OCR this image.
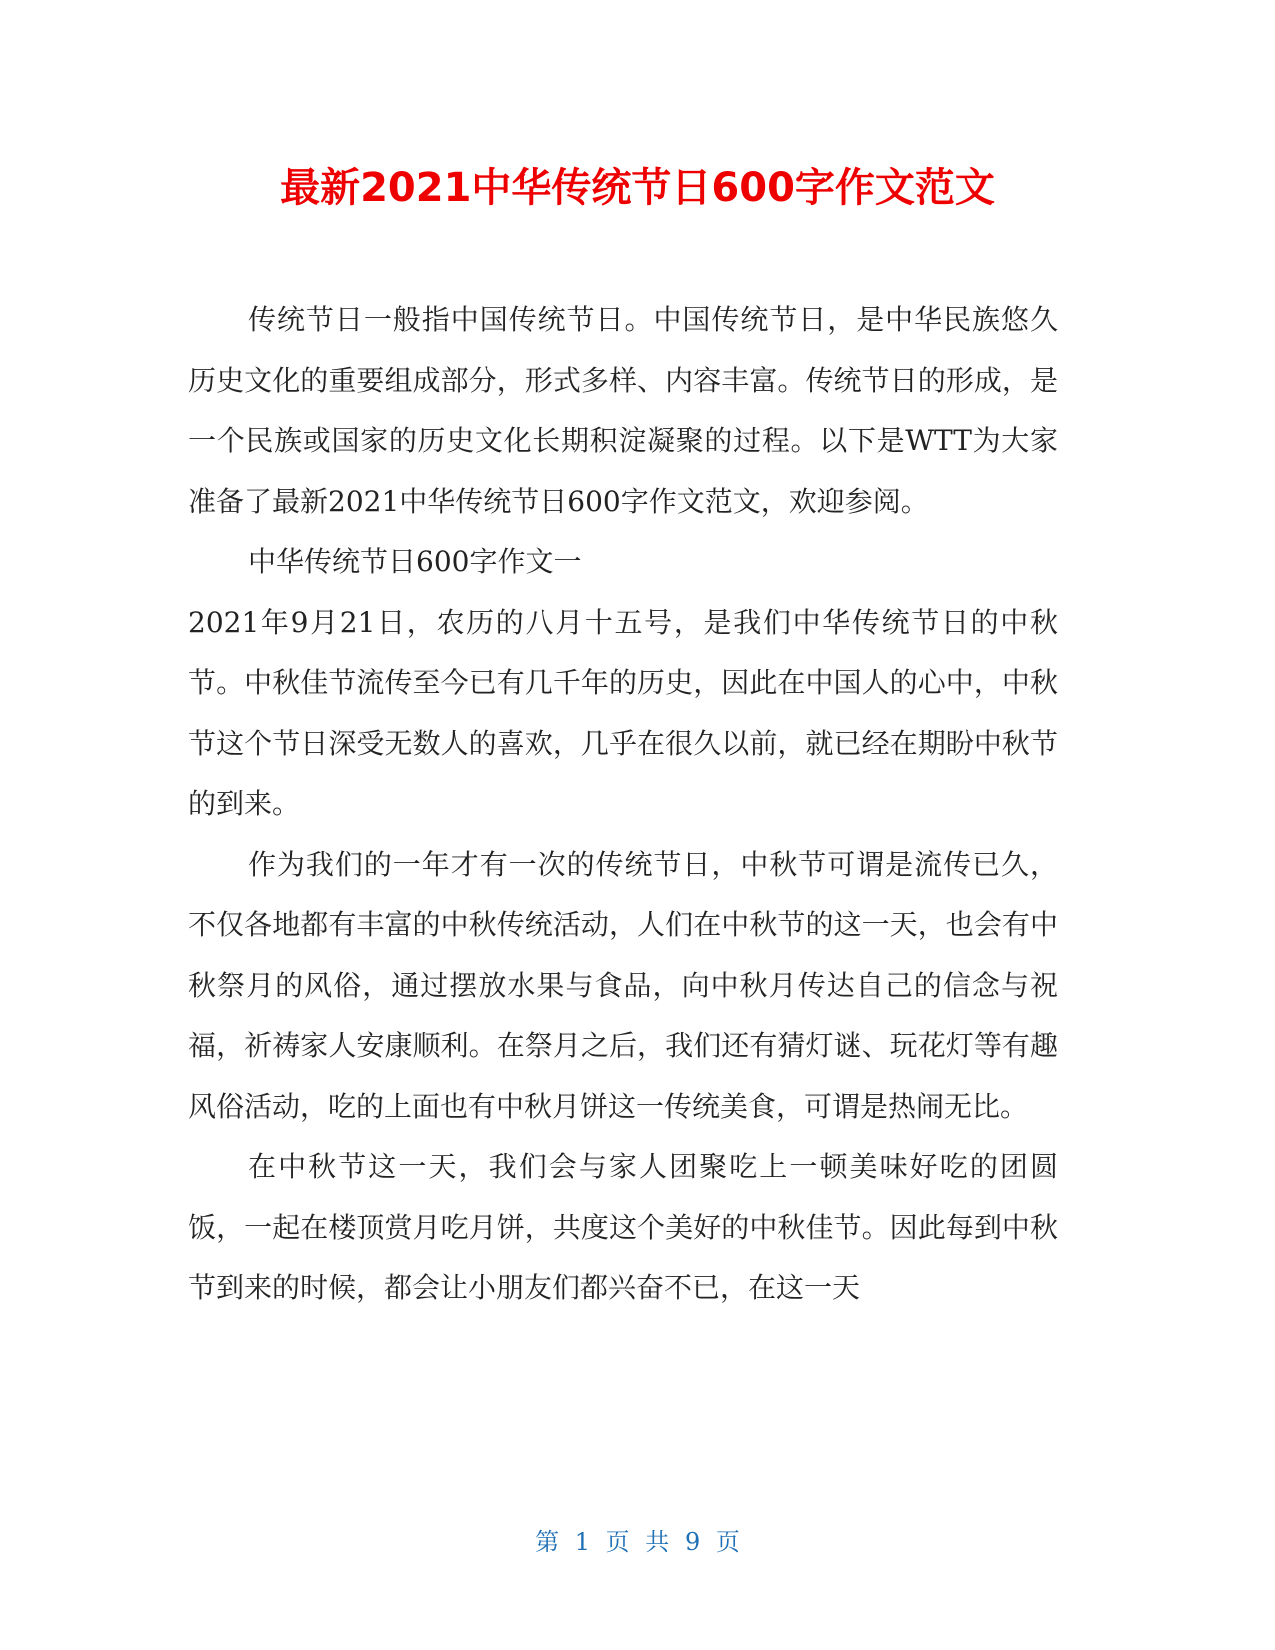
最新2021中华传统节日600字作文范文

传统节日一般指中国传统节日。中国传统节日，是中华民族悠久历史文化的重要组成部分，形式多样、内容丰富。传统节日的形成，是一个民族或国家的历史文化长期积淀凝聚的过程。以下是WTT为大家准备了最新2021中华传统节日600字作文范文，欢迎参阅。

中华传统节日600字作文一

2021年9月21日，农历的八月十五号，是我们中华传统节日的中秋节。中秋佳节流传至今已有几千年的历史，因此在中国人的心中，中秋节这个节日深受无数人的喜欢，几乎在很久以前，就已经在期盼中秋节的到来。

作为我们的一年才有一次的传统节日，中秋节可谓是流传已久，不仅各地都有丰富的中秋传统活动，人们在中秋节的这一天，也会有中秋祭月的风俗，通过摆放水果与食品，向中秋月传达自己的信念与祝福，祈祷家人安康顺利。在祭月之后，我们还有猜灯谜、玩花灯等有趣风俗活动，吃的上面也有中秋月饼这一传统美食，可谓是热闹无比。

在中秋节这一天，我们会与家人团聚吃上一顿美味好吃的团圆饭，一起在楼顶赏月吃月饼，共度这个美好的中秋佳节。因此每到中秋节到来的时候，都会让小朋友们都兴奋不已，在这一天

第 1 页 共 9 页
